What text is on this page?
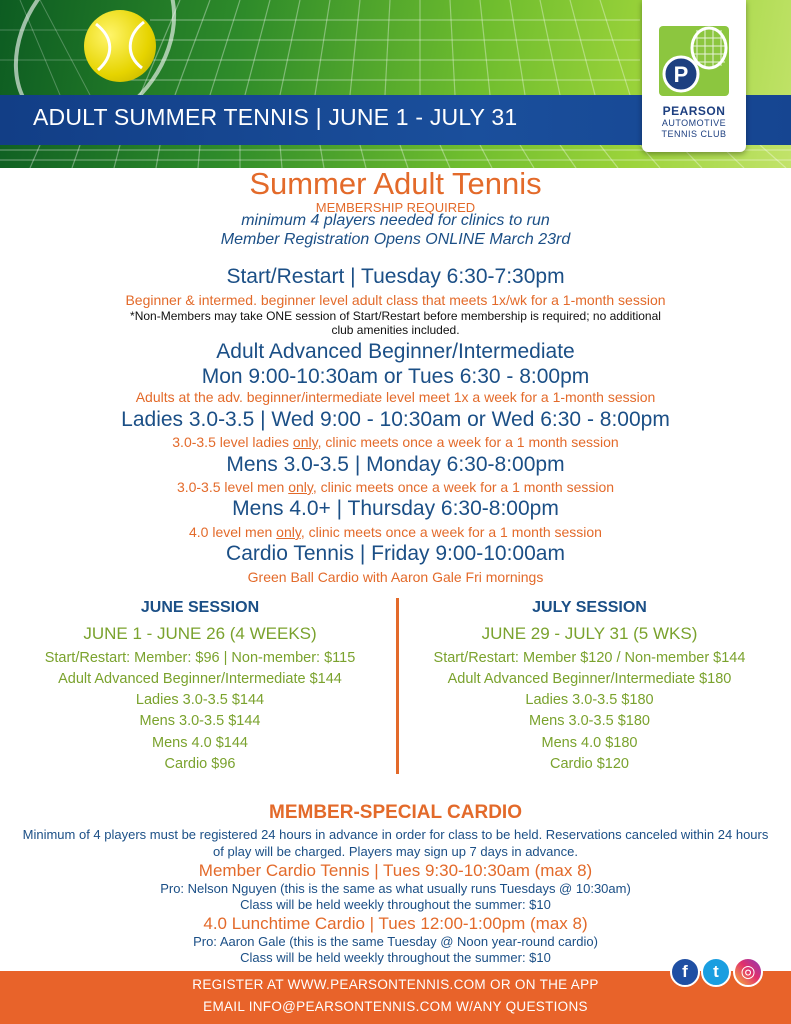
ADULT SUMMER TENNIS | JUNE 1 - JULY 31
P
PEARSON
AUTOMOTIVE
TENNIS CLUB
Summer Adult Tennis
MEMBERSHIP REQUIRED
minimum 4 players needed for clinics to run
Member Registration Opens ONLINE March 23rd
Start/Restart | Tuesday 6:30-7:30pm
Beginner & intermed. beginner level adult class that meets 1x/wk for a 1-month session
*Non-Members may take ONE session of Start/Restart before membership is required; no additional
club amenities included.
Adult Advanced Beginner/Intermediate
Mon 9:00-10:30am or Tues 6:30 - 8:00pm
Adults at the adv. beginner/intermediate level meet 1x a week for a 1-month session
Ladies 3.0-3.5 | Wed 9:00 - 10:30am or Wed 6:30 - 8:00pm
3.0-3.5 level ladies only, clinic meets once a week for a 1 month session
Mens 3.0-3.5 | Monday 6:30-8:00pm
3.0-3.5 level men only, clinic meets once a week for a 1 month session
Mens 4.0+ | Thursday 6:30-8:00pm
4.0 level men only, clinic meets once a week for a 1 month session
Cardio Tennis | Friday 9:00-10:00am
Green Ball Cardio with Aaron Gale Fri mornings
JUNE SESSION
JUNE 1 - JUNE 26 (4 WEEKS)
Start/Restart: Member: $96 | Non-member: $115
Adult Advanced Beginner/Intermediate $144
Ladies 3.0-3.5 $144
Mens 3.0-3.5 $144
Mens 4.0 $144
Cardio $96
JULY SESSION
JUNE 29 - JULY 31 (5 WKS)
Start/Restart: Member $120 / Non-member $144
Adult Advanced Beginner/Intermediate $180
Ladies 3.0-3.5 $180
Mens 3.0-3.5 $180
Mens 4.0 $180
Cardio $120
MEMBER-SPECIAL CARDIO
Minimum of 4 players must be registered 24 hours in advance in order for class to be held. Reservations canceled within 24 hours of play will be charged. Players may sign up 7 days in advance.
Member Cardio Tennis | Tues 9:30-10:30am (max 8)
Pro: Nelson Nguyen (this is the same as what usually runs Tuesdays @ 10:30am)
Class will be held weekly throughout the summer: $10
4.0 Lunchtime Cardio | Tues 12:00-1:00pm (max 8)
Pro: Aaron Gale (this is the same Tuesday @ Noon year-round cardio)
Class will be held weekly throughout the summer: $10
REGISTER AT WWW.PEARSONTENNIS.COM OR ON THE APP
EMAIL INFO@PEARSONTENNIS.COM W/ANY QUESTIONS
f	t	◎
